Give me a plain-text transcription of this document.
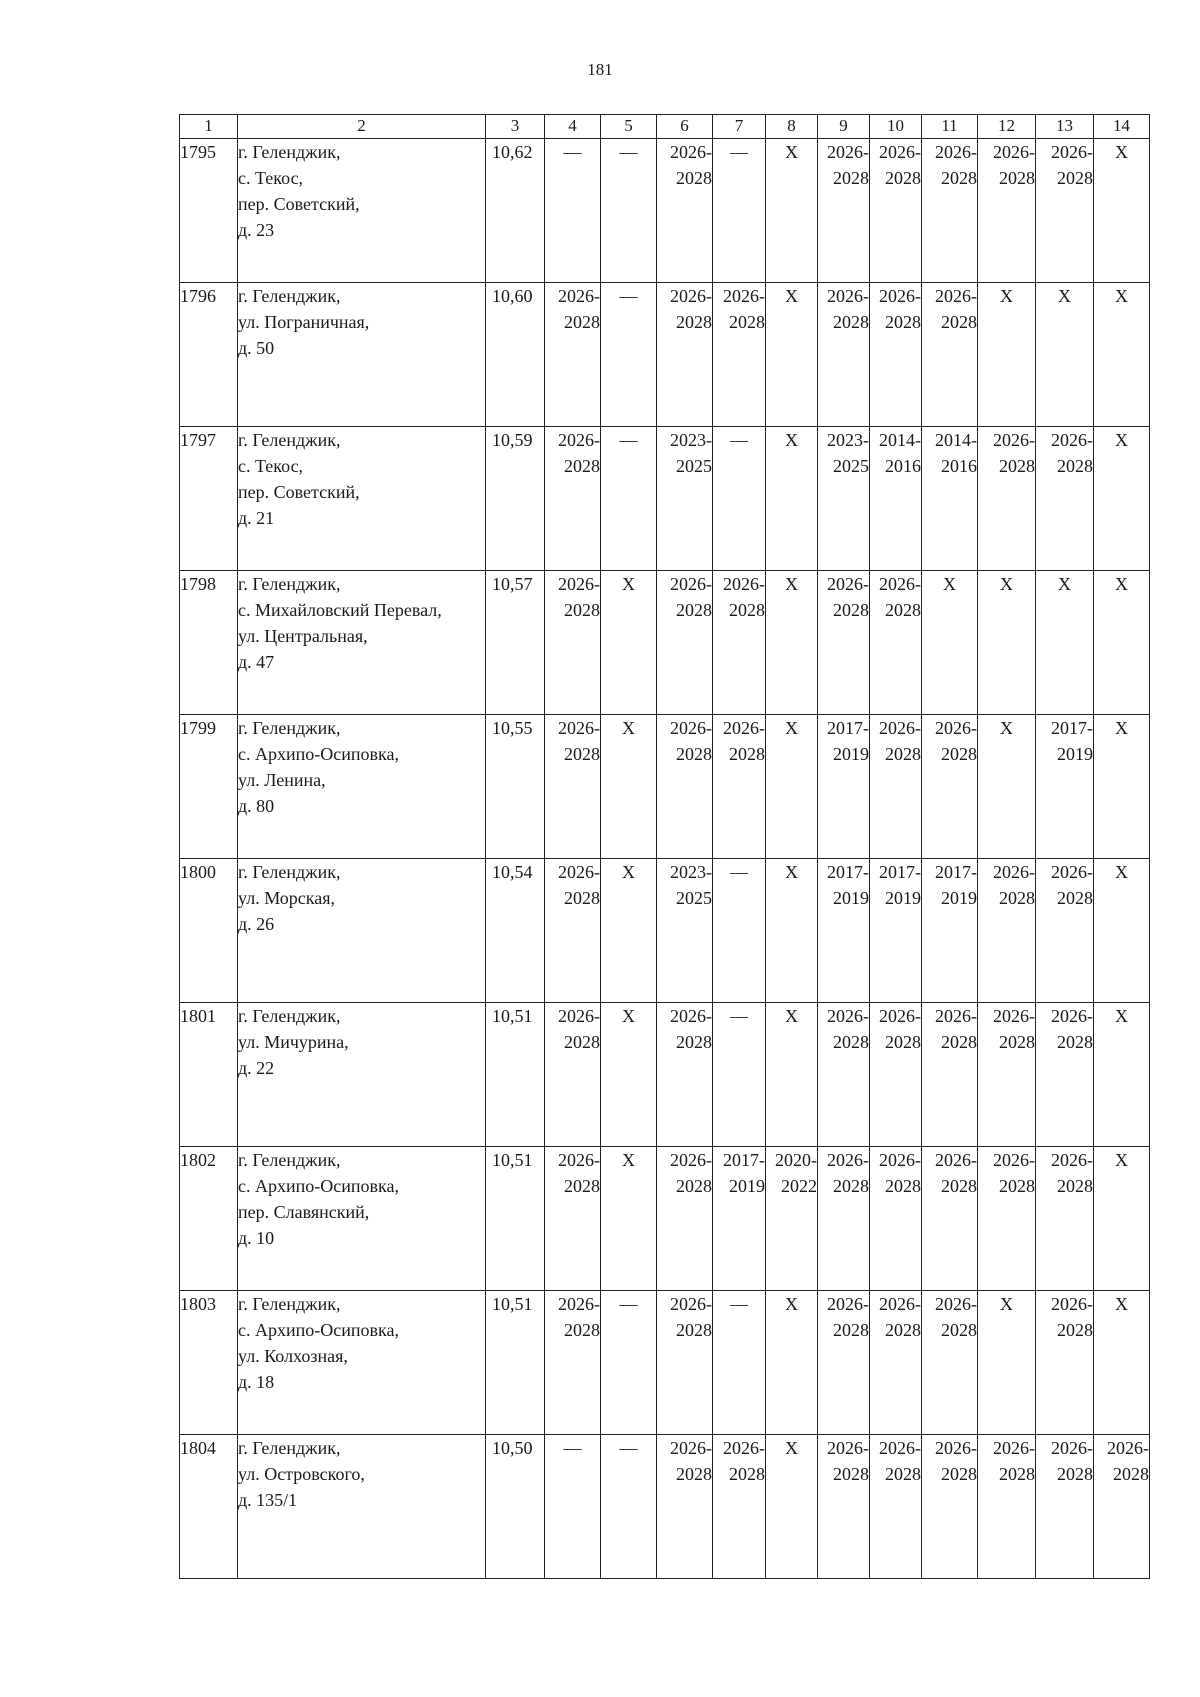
181
1	2	3	4	5	6	7	8	9	10	11	12	13	14
1795	г. Геленджик,
с. Текос,
пер. Советский,
д. 23	10,62	—	—	2026-
2028	—	X	2026-
2028	2026-
2028	2026-
2028	2026-
2028	2026-
2028	X
1796	г. Геленджик,
ул. Пограничная,
д. 50	10,60	2026-
2028	—	2026-
2028	2026-
2028	X	2026-
2028	2026-
2028	2026-
2028	X	X	X
1797	г. Геленджик,
с. Текос,
пер. Советский,
д. 21	10,59	2026-
2028	—	2023-
2025	—	X	2023-
2025	2014-
2016	2014-
2016	2026-
2028	2026-
2028	X
1798	г. Геленджик,
с. Михайловский Перевал,
ул. Центральная,
д. 47	10,57	2026-
2028	X	2026-
2028	2026-
2028	X	2026-
2028	2026-
2028	X	X	X	X
1799	г. Геленджик,
с. Архипо-Осиповка,
ул. Ленина,
д. 80	10,55	2026-
2028	X	2026-
2028	2026-
2028	X	2017-
2019	2026-
2028	2026-
2028	X	2017-
2019	X
1800	г. Геленджик,
ул. Морская,
д. 26	10,54	2026-
2028	X	2023-
2025	—	X	2017-
2019	2017-
2019	2017-
2019	2026-
2028	2026-
2028	X
1801	г. Геленджик,
ул. Мичурина,
д. 22	10,51	2026-
2028	X	2026-
2028	—	X	2026-
2028	2026-
2028	2026-
2028	2026-
2028	2026-
2028	X
1802	г. Геленджик,
с. Архипо-Осиповка,
пер. Славянский,
д. 10	10,51	2026-
2028	X	2026-
2028	2017-
2019	2020-
2022	2026-
2028	2026-
2028	2026-
2028	2026-
2028	2026-
2028	X
1803	г. Геленджик,
с. Архипо-Осиповка,
ул. Колхозная,
д. 18	10,51	2026-
2028	—	2026-
2028	—	X	2026-
2028	2026-
2028	2026-
2028	X	2026-
2028	X
1804	г. Геленджик,
ул. Островского,
д. 135/1	10,50	—	—	2026-
2028	2026-
2028	X	2026-
2028	2026-
2028	2026-
2028	2026-
2028	2026-
2028	2026-
2028
